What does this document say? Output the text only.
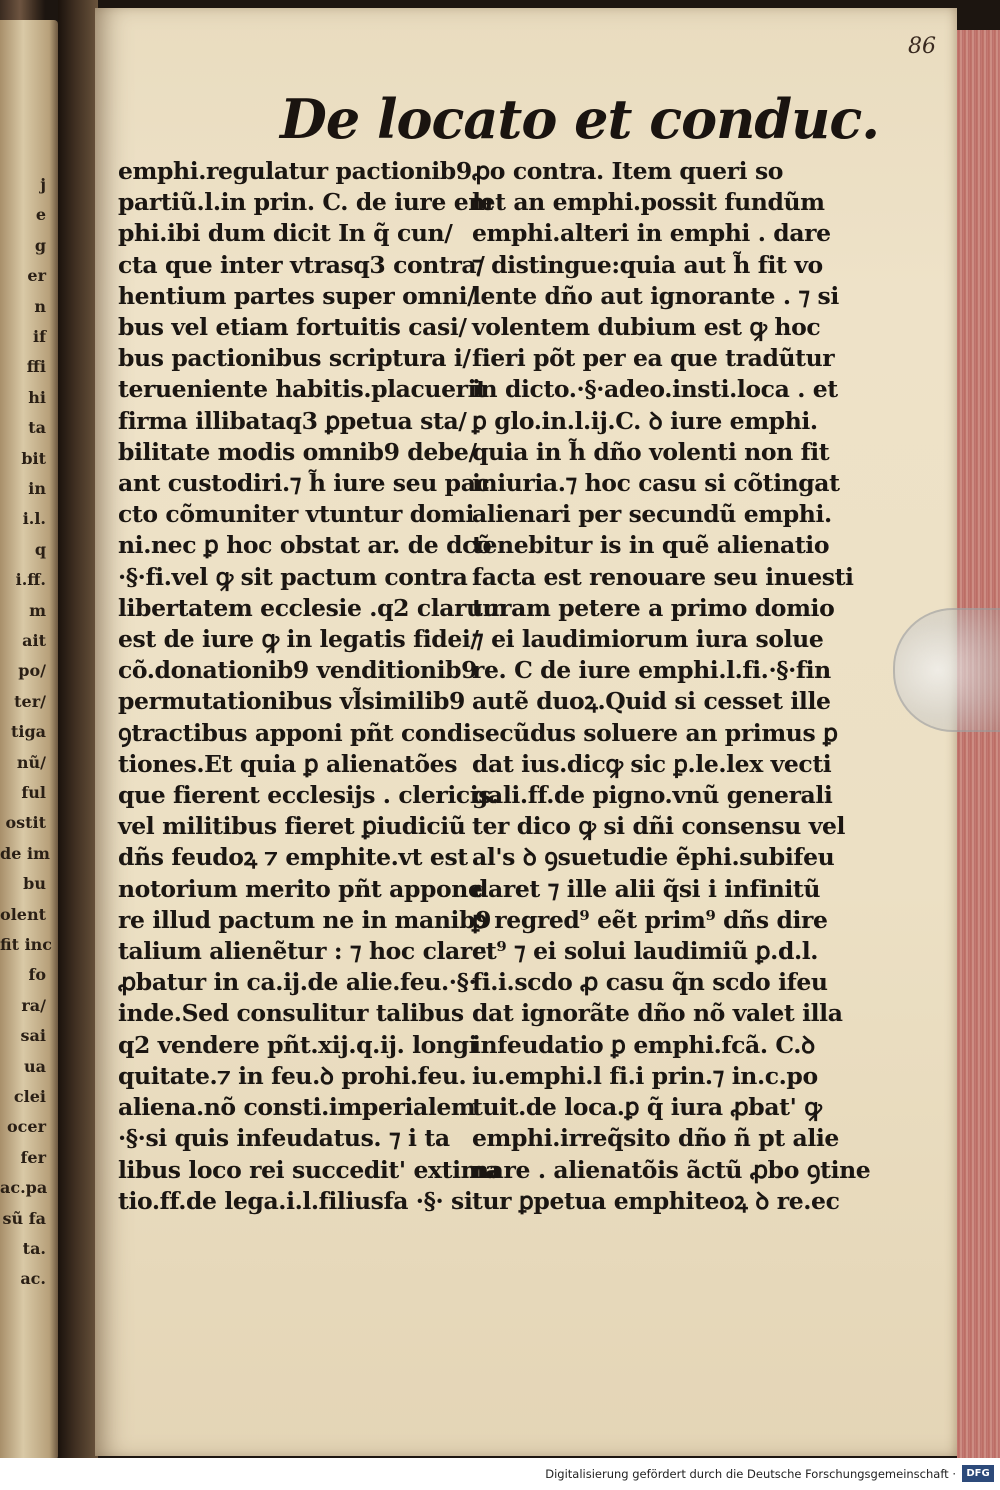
j
e
g
er
n
if
ffi
hi
ta
bit
in
i.l.
q
i.ff.
m
ait
po/
ter/
tiga
nũ/
ful
ostit
de im
bu
olent
fit inc
fo
ra/
sai
ua
clei
ocer
fer
ac.pa
sũ fa
ta.
ac.
86
De locato et conduc.
emphi.regulatur pactionib9
partiũ.l.in prin. C. de iure em
phi.ibi dum dicit In q̃ cun/
cta que inter vtrasq3 contra/
hentium partes super omni/
bus vel etiam fortuitis casi/
bus pactionibus scriptura i/
teruenientе habitis.placuerit
firma illibataq3 ꝑpetua sta/
bilitate modis omnib9 debe/
ant custodiri.⁊ h̃ iure seu pac
cto cõmuniter vtuntur domi
ni.nec ꝑ hoc obstat ar. de dcõ
·§·fi.vel ꝙ sit pactum contra
libertatem ecclesie .q2 clarum
est de iure ꝙ in legatis fidei/
cõ.donationib9 venditionib9
permutationibus vl̃similib9
ꝯtractibus apponi pñt condi
tiones.Et quia ꝑ alienatões
que fierent ecclesijs . clericis.
vel militibus fieret ꝑiudiciũ
dñs feudoꝝ ⁊ emphite.vt est
notorium merito pñt appone
re illud pactum ne in manib9
talium alienẽtur : ⁊ hoc clare
ꝓbatur in ca.ij.de alie.feu.·§·
inde.Sed consulitur talibus
q2 vendere pñt.xij.q.ij. longi
quitate.⁊ in feu.ꝺ prohi.feu.
aliena.nõ consti.imperialem
·§·si quis infeudatus. ⁊ i ta
libus loco rei succedit' extima
tio.ff.de lega.i.l.filiusfa ·§· si
ꝓo contra. Item queri so
let an emphi.possit fundũm
emphi.alteri in emphi . dare
⁊ distingue:quia aut h̃ fit vo
lente dño aut ignorante . ⁊ si
volentem dubium est ꝙ hoc
fieri põt per ea que tradũtur
in dicto.·§·adeo.insti.loca . et
ꝑ glo.in.l.ij.C. ꝺ iure emphi.
quia in h̃ dño volenti non fit
iniuria.⁊ hoc casu si cõtingat
alienari per secundũ emphi.
tenebitur is in quẽ alienatio
facta est renouare seu inuesti
turam petere a primo domio
⁊ ei laudimiorum iura solue
re. C de iure emphi.l.fi.·§·fin
autẽ duoꝝ.Quid si cesset ille
secũdus soluere an primus ꝑ
dat ius.dicꝙ sic ꝑ.le.lex vecti
gali.ff.de pigno.vnũ generali
ter dico ꝙ si dñi consensu vel
al's ꝺ ꝯsuetudie ẽphi.subifeu
daret ⁊ ille alii q̃si i infinitũ
ꝑ regred⁹ eẽt prim⁹ dñs dire
ct⁹ ⁊ ei solui laudimiũ ꝑ.d.l.
fi.i.scdo ꝓ casu q̃n scdo ifeu
dat ignorãte dño nõ valet illa
infeudatio ꝑ emphi.fcã. C.ꝺ
iu.emphi.l fi.i prin.⁊ in.c.po
tuit.de loca.ꝑ q̃ iura ꝓbat' ꝙ
emphi.irreq̃sito dño ñ pt alie
nare . alienatõis ãctũ ꝓbo ꝯtine
tur ꝑpetua emphiteoꝝ ꝺ re.ec
Digitalisierung gefördert durch die Deutsche Forschungsgemeinschaft ·	DFG
